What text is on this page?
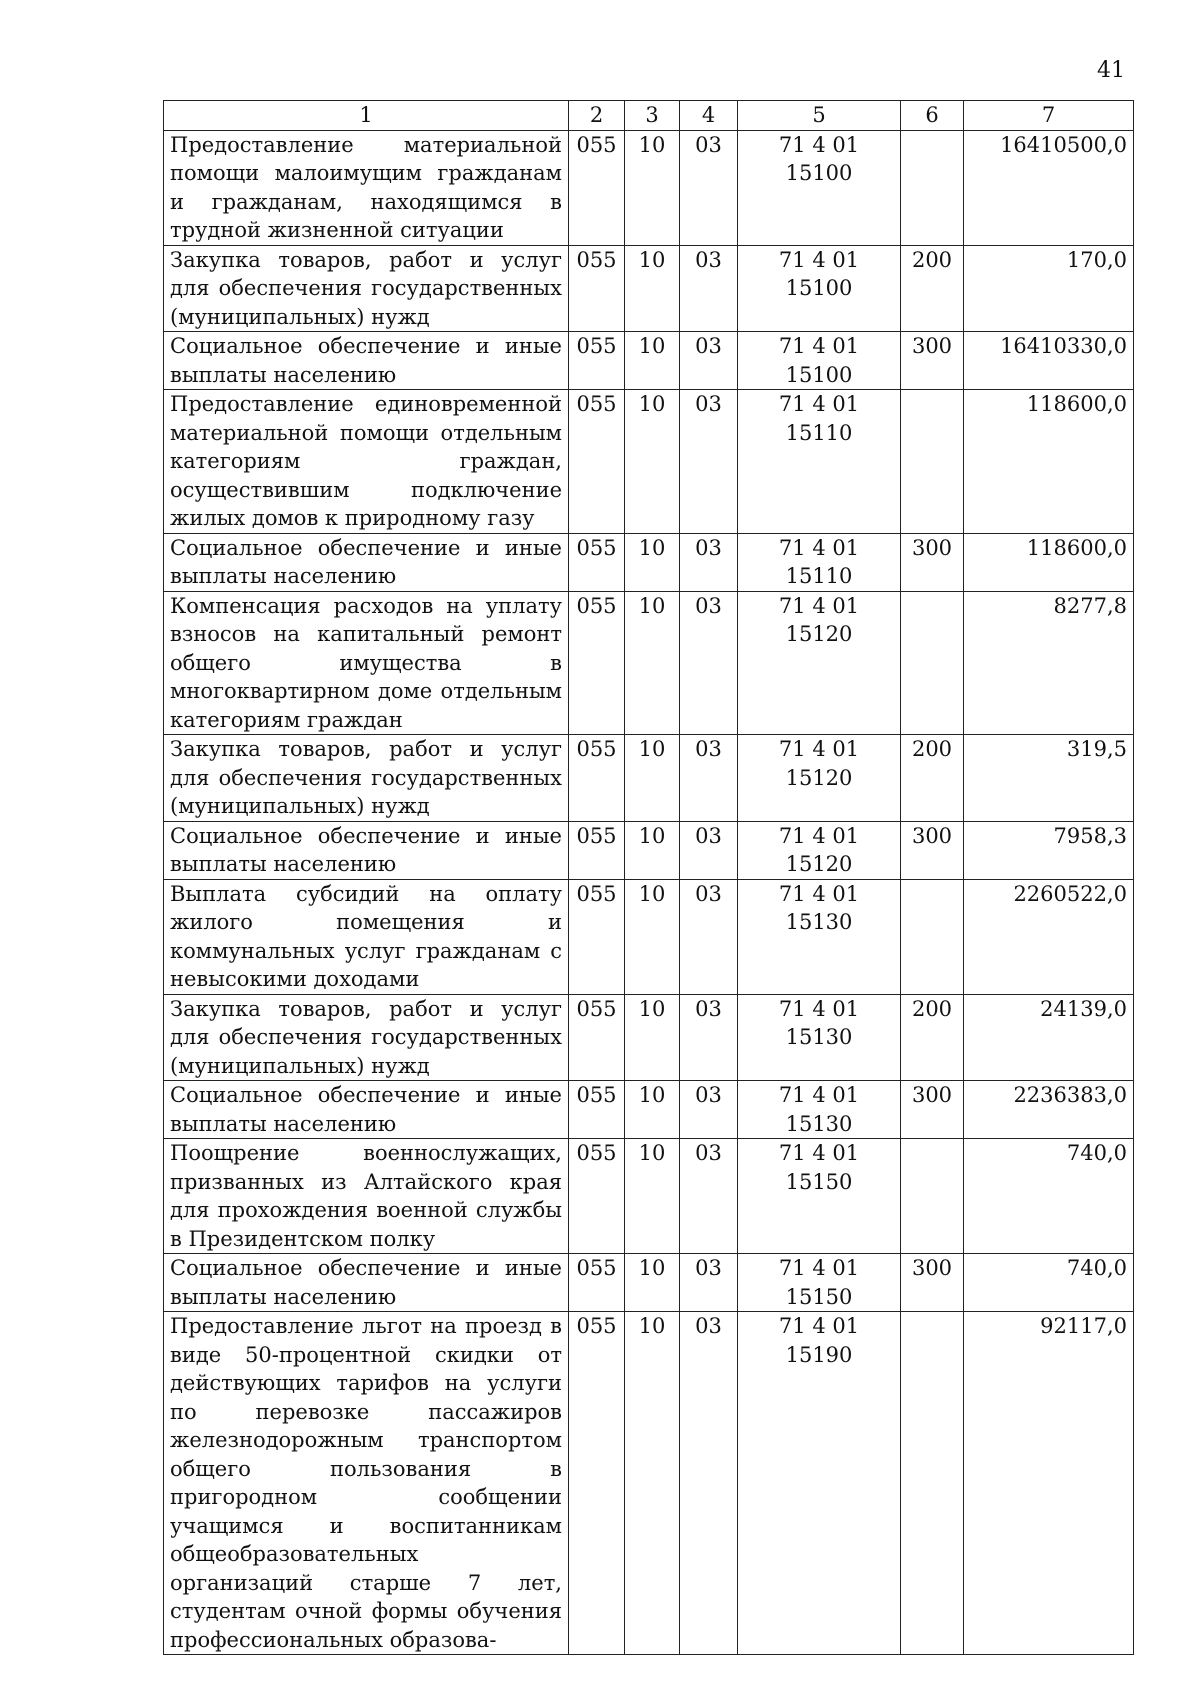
41
1	2	3	4	5	6	7
Предоставление материальной помощи малоимущим гражданам и гражданам, находящимся в трудной жизненной ситуации	055	10	03	71 4 01 15100		16410500,0
Закупка товаров, работ и услуг для обеспечения государственных (муниципальных) нужд	055	10	03	71 4 01 15100	200	170,0
Социальное обеспечение и иные выплаты населению	055	10	03	71 4 01 15100	300	16410330,0
Предоставление единовременной материальной помощи отдельным категориям граждан, осуществившим подключение жилых домов к природному газу	055	10	03	71 4 01 15110		118600,0
Социальное обеспечение и иные выплаты населению	055	10	03	71 4 01 15110	300	118600,0
Компенсация расходов на уплату взносов на капитальный ремонт общего имущества в многоквартирном доме отдельным категориям граждан	055	10	03	71 4 01 15120		8277,8
Закупка товаров, работ и услуг для обеспечения государственных (муниципальных) нужд	055	10	03	71 4 01 15120	200	319,5
Социальное обеспечение и иные выплаты населению	055	10	03	71 4 01 15120	300	7958,3
Выплата субсидий на оплату жилого помещения и коммунальных услуг гражданам с невысокими доходами	055	10	03	71 4 01 15130		2260522,0
Закупка товаров, работ и услуг для обеспечения государственных (муниципальных) нужд	055	10	03	71 4 01 15130	200	24139,0
Социальное обеспечение и иные выплаты населению	055	10	03	71 4 01 15130	300	2236383,0
Поощрение военнослужащих, призванных из Алтайского края для прохождения военной службы в Президентском полку	055	10	03	71 4 01 15150		740,0
Социальное обеспечение и иные выплаты населению	055	10	03	71 4 01 15150	300	740,0
Предоставление льгот на проезд в виде 50-процентной скидки от действующих тарифов на услуги по перевозке пассажиров железнодорожным транспортом общего пользования в пригородном сообщении учащимся и воспитанникам общеобразовательных организаций старше 7 лет, студентам очной формы обучения профессиональных образова-	055	10	03	71 4 01 15190		92117,0
